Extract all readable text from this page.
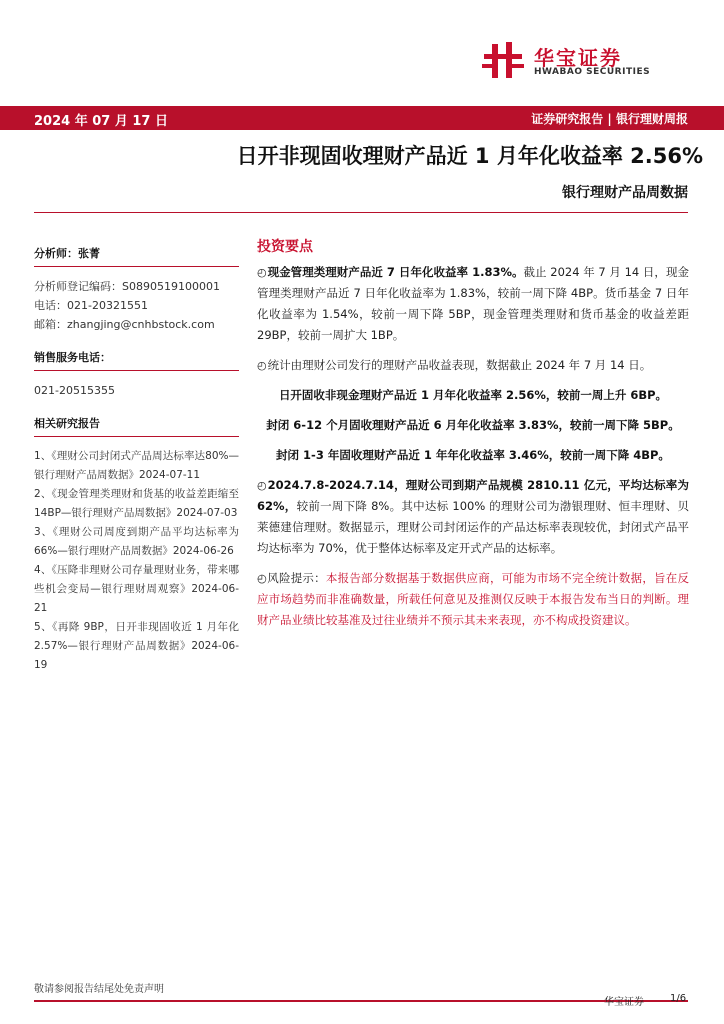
华宝证券
HWABAO SECURITIES
2024 年 07 月 17 日	证券研究报告 | 银行理财周报
日开非现固收理财产品近 1 月年化收益率 2.56%
银行理财产品周数据
分析师：张菁
分析师登记编码：S0890519100001
电话：021-20321551
邮箱：zhangjing@cnhbstock.com
销售服务电话：
021-20515355
相关研究报告
1、《理财公司封闭式产品周达标率达80%—银行理财产品周数据》2024-07-11
2、《现金管理类理财和货基的收益差距缩至 14BP—银行理财产品周数据》2024-07-03
3、《理财公司周度到期产品平均达标率为 66%—银行理财产品周数据》2024-06-26
4、《压降非理财公司存量理财业务，带来哪些机会变局—银行理财周观察》2024-06-21
5、《再降 9BP，日开非现固收近 1 月年化 2.57%—银行理财产品周数据》2024-06-19
投资要点
◴现金管理类理财产品近 7 日年化收益率 1.83%。截止 2024 年 7 月 14 日，现金管理类理财产品近 7 日年化收益率为 1.83%，较前一周下降 4BP。货币基金 7 日年化收益率为 1.54%，较前一周下降 5BP，现金管理类理财和货币基金的收益差距 29BP，较前一周扩大 1BP。
◴统计由理财公司发行的理财产品收益表现，数据截止 2024 年 7 月 14 日。
日开固收非现金理财产品近 1 月年化收益率 2.56%，较前一周上升 6BP。
封闭 6-12 个月固收理财产品近 6 月年化收益率 3.83%，较前一周下降 5BP。
封闭 1-3 年固收理财产品近 1 年年化收益率 3.46%，较前一周下降 4BP。
◴2024.7.8-2024.7.14，理财公司到期产品规模 2810.11 亿元，平均达标率为 62%，较前一周下降 8%。其中达标 100% 的理财公司为渤银理财、恒丰理财、贝莱德建信理财。数据显示，理财公司封闭运作的产品达标率表现较优，封闭式产品平均达标率为 70%，优于整体达标率及定开式产品的达标率。
◴风险提示：本报告部分数据基于数据供应商，可能为市场不完全统计数据，旨在反应市场趋势而非准确数量，所载任何意见及推测仅反映于本报告发布当日的判断。理财产品业绩比较基准及过往业绩并不预示其未来表现，亦不构成投资建议。
敬请参阅报告结尾处免责声明
华宝证券	1/6
